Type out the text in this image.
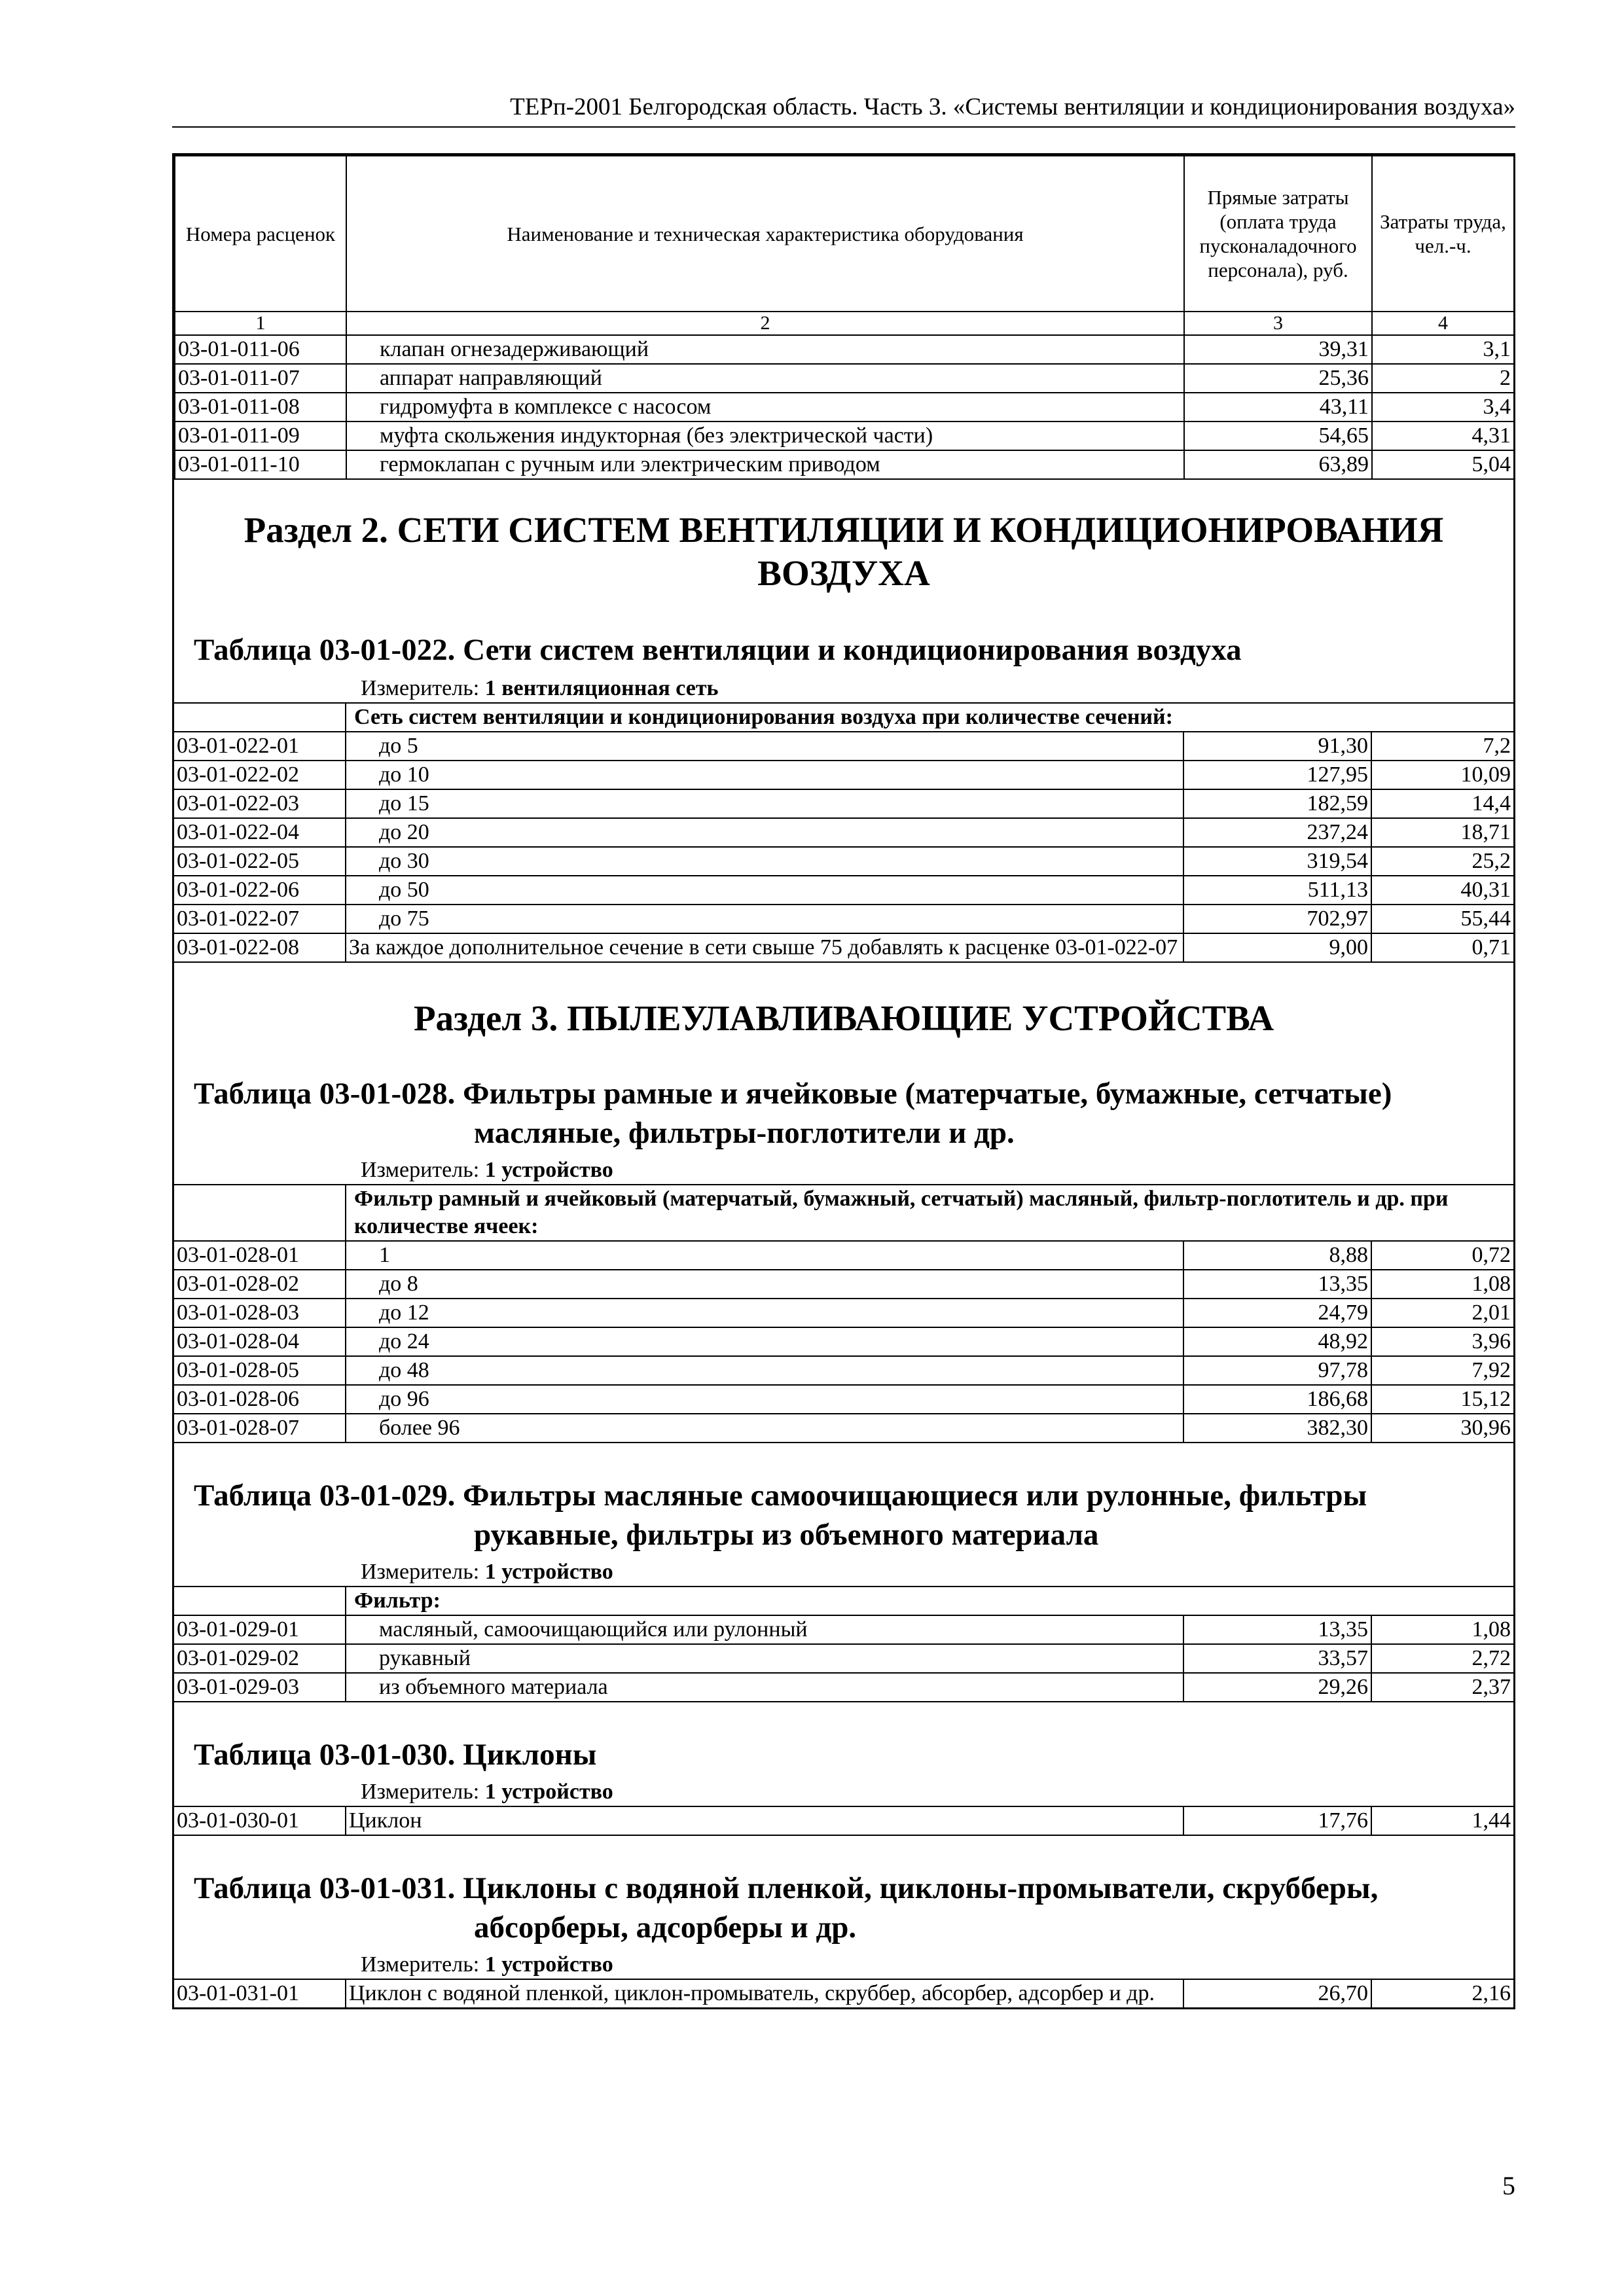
ТЕРп-2001 Белгородская область. Часть 3. «Системы вентиляции и кондиционирования воздуха»
Номера расценок	Наименование и техническая характеристика оборудования	Прямые затраты (оплата труда пусконаладочного персонала), руб.	Затраты труда, чел.-ч.
1	2	3	4
03-01-011-06	клапан огнезадерживающий	39,31	3,1
03-01-011-07	аппарат направляющий	25,36	2
03-01-011-08	гидромуфта в комплексе с насосом	43,11	3,4
03-01-011-09	муфта скольжения индукторная (без электрической части)	54,65	4,31
03-01-011-10	гермоклапан с ручным или электрическим приводом	63,89	5,04
Раздел 2. СЕТИ СИСТЕМ ВЕНТИЛЯЦИИ И КОНДИЦИОНИРОВАНИЯ ВОЗДУХА
Таблица 03-01-022. Сети систем вентиляции и кондиционирования воздуха
Измеритель: 1 вентиляционная сеть
	Сеть систем вентиляции и кондиционирования воздуха при количестве сечений:		
03-01-022-01	до 5	91,30	7,2
03-01-022-02	до 10	127,95	10,09
03-01-022-03	до 15	182,59	14,4
03-01-022-04	до 20	237,24	18,71
03-01-022-05	до 30	319,54	25,2
03-01-022-06	до 50	511,13	40,31
03-01-022-07	до 75	702,97	55,44
03-01-022-08	За каждое дополнительное сечение в сети свыше 75 добавлять к расценке 03-01-022-07	9,00	0,71
Раздел 3. ПЫЛЕУЛАВЛИВАЮЩИЕ УСТРОЙСТВА
Таблица 03-01-028. Фильтры рамные и ячейковые (матерчатые, бумажные, сетчатые)
масляные, фильтры-поглотители и др.
Измеритель: 1 устройство
	Фильтр рамный и ячейковый (матерчатый, бумажный, сетчатый) масляный, фильтр-поглотитель и др. при количестве ячеек:		
03-01-028-01	1	8,88	0,72
03-01-028-02	до 8	13,35	1,08
03-01-028-03	до 12	24,79	2,01
03-01-028-04	до 24	48,92	3,96
03-01-028-05	до 48	97,78	7,92
03-01-028-06	до 96	186,68	15,12
03-01-028-07	более 96	382,30	30,96
Таблица 03-01-029. Фильтры масляные самоочищающиеся или рулонные, фильтры
рукавные, фильтры из объемного материала
Измеритель: 1 устройство
	Фильтр:		
03-01-029-01	масляный, самоочищающийся или рулонный	13,35	1,08
03-01-029-02	рукавный	33,57	2,72
03-01-029-03	из объемного материала	29,26	2,37
Таблица 03-01-030. Циклоны
Измеритель: 1 устройство
03-01-030-01	Циклон	17,76	1,44
Таблица 03-01-031. Циклоны с водяной пленкой, циклоны-промыватели, скрубберы,
абсорберы, адсорберы и др.
Измеритель: 1 устройство
03-01-031-01	Циклон с водяной пленкой, циклон-промыватель, скруббер, абсорбер, адсорбер и др.	26,70	2,16
5
